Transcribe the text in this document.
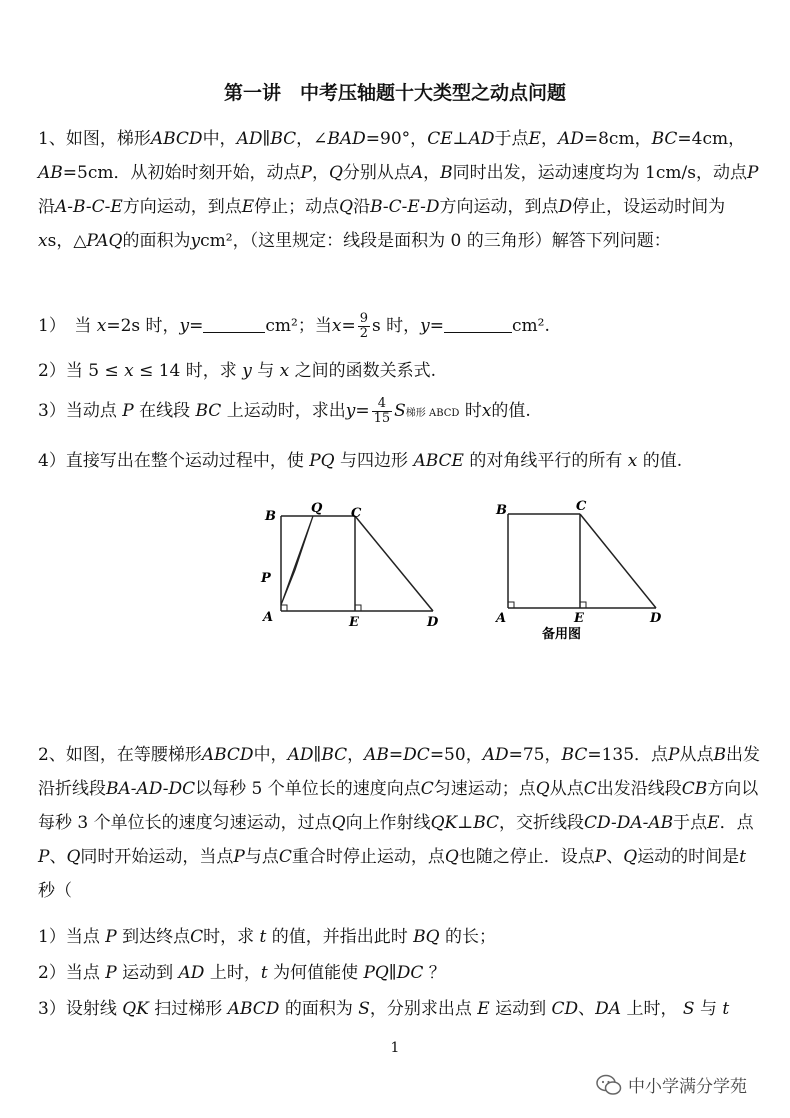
第一讲　中考压轴题十大类型之动点问题
1、如图，梯形ABCD中，AD∥BC，∠BAD=90°，CE⊥AD于点E，AD=8cm，BC=4cm，AB=5cm．从初始时刻开始，动点P，Q分别从点A，B同时出发，运动速度均为 1cm/s，动点P沿A-B-C-E方向运动，到点E停止；动点Q沿B-C-E-D方向运动，到点D停止，设运动时间为xs，△PAQ的面积为ycm²，（这里规定：线段是面积为 0 的三角形）解答下列问题：
1）　当 x=2s 时，y=	cm²；当$x= \frac{9}{2}$ s 时，y=	cm².
2）当 5 ≤ x ≤ 14 时，求 y 与 x 之间的函数关系式.
3）当动点 P 在线段 BC 上运动时，求出$y= \frac{4}{15}$ S梯形 ABCD 时x的值.
4）直接写出在整个运动过程中，使 PQ 与四边形 ABCE 的对角线平行的所有 x 的值.
B
Q C
P
A	E	D
B	C
A	E	D
备用图
2、如图，在等腰梯形ABCD中，AD∥BC，AB=DC=50，AD=75，BC=135．点P从点B出发沿折线段BA-AD-DC以每秒 5 个单位长的速度向点C匀速运动；点Q从点C出发沿线段CB方向以每秒 3 个单位长的速度匀速运动，过点Q向上作射线QK⊥BC，交折线段CD-DA-AB于点E．点P、Q同时开始运动，当点P与点C重合时停止运动，点Q也随之停止．设点P、Q运动的时间是t秒（
1）当点 P 到达终点C时，求 t 的值，并指出此时 BQ 的长；
2）当点 P 运动到 AD 上时，t 为何值能使 PQ∥DC ？
3）设射线 QK 扫过梯形 ABCD 的面积为 S，分别求出点 E 运动到 CD、DA 上时， S 与 t
1
中小学满分学苑
